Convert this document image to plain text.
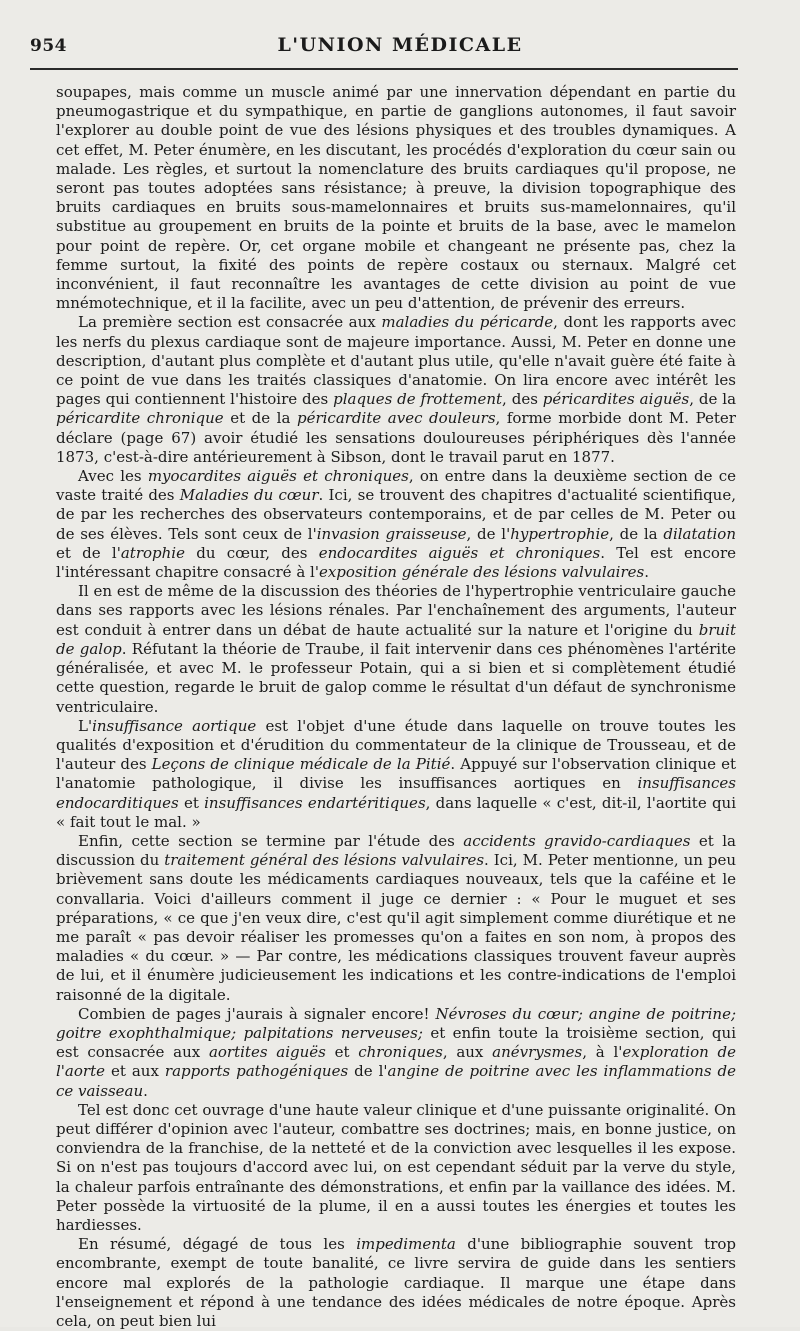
954	L'UNION MÉDICALE

soupapes, mais comme un muscle animé par une innervation dépendant en partie du pneumogastrique et du sympathique, en partie de ganglions autonomes, il faut savoir l'explorer au double point de vue des lésions physiques et des troubles dynamiques. A cet effet, M. Peter énumère, en les discutant, les procédés d'exploration du cœur sain ou malade. Les règles, et surtout la nomenclature des bruits cardiaques qu'il propose, ne seront pas toutes adoptées sans résistance; à preuve, la division topographique des bruits cardiaques en bruits sous-mamelonnaires et bruits sus-mamelonnaires, qu'il substitue au groupement en bruits de la pointe et bruits de la base, avec le mamelon pour point de repère. Or, cet organe mobile et changeant ne présente pas, chez la femme surtout, la fixité des points de repère costaux ou sternaux. Malgré cet inconvénient, il faut reconnaître les avantages de cette division au point de vue mnémotechnique, et il la facilite, avec un peu d'attention, de prévenir des erreurs.

La première section est consacrée aux maladies du péricarde, dont les rapports avec les nerfs du plexus cardiaque sont de majeure importance. Aussi, M. Peter en donne une description, d'autant plus complète et d'autant plus utile, qu'elle n'avait guère été faite à ce point de vue dans les traités classiques d'anatomie. On lira encore avec intérêt les pages qui contiennent l'histoire des plaques de frottement, des péricardites aiguës, de la péricardite chronique et de la péricardite avec douleurs, forme morbide dont M. Peter déclare (page 67) avoir étudié les sensations douloureuses périphériques dès l'année 1873, c'est-à-dire antérieurement à Sibson, dont le travail parut en 1877.

Avec les myocardites aiguës et chroniques, on entre dans la deuxième section de ce vaste traité des Maladies du cœur. Ici, se trouvent des chapitres d'actualité scientifique, de par les recherches des observateurs contemporains, et de par celles de M. Peter ou de ses élèves. Tels sont ceux de l'invasion graisseuse, de l'hypertrophie, de la dilatation et de l'atrophie du cœur, des endocardites aiguës et chroniques. Tel est encore l'intéressant chapitre consacré à l'exposition générale des lésions valvulaires.

Il en est de même de la discussion des théories de l'hypertrophie ventriculaire gauche dans ses rapports avec les lésions rénales. Par l'enchaînement des arguments, l'auteur est conduit à entrer dans un débat de haute actualité sur la nature et l'origine du bruit de galop. Réfutant la théorie de Traube, il fait intervenir dans ces phénomènes l'artérite généralisée, et avec M. le professeur Potain, qui a si bien et si complètement étudié cette question, regarde le bruit de galop comme le résultat d'un défaut de synchronisme ventriculaire.

L'insuffisance aortique est l'objet d'une étude dans laquelle on trouve toutes les qualités d'exposition et d'érudition du commentateur de la clinique de Trousseau, et de l'auteur des Leçons de clinique médicale de la Pitié. Appuyé sur l'observation clinique et l'anatomie pathologique, il divise les insuffisances aortiques en insuffisances endocarditiques et insuffisances endartéritiques, dans laquelle « c'est, dit-il, l'aortite qui « fait tout le mal. »

Enfin, cette section se termine par l'étude des accidents gravido-cardiaques et la discussion du traitement général des lésions valvulaires. Ici, M. Peter mentionne, un peu brièvement sans doute les médicaments cardiaques nouveaux, tels que la caféine et le convallaria. Voici d'ailleurs comment il juge ce dernier : « Pour le muguet et ses préparations, « ce que j'en veux dire, c'est qu'il agit simplement comme diurétique et ne me paraît « pas devoir réaliser les promesses qu'on a faites en son nom, à propos des maladies « du cœur. » — Par contre, les médications classiques trouvent faveur auprès de lui, et il énumère judicieusement les indications et les contre-indications de l'emploi raisonné de la digitale.

Combien de pages j'aurais à signaler encore! Névroses du cœur; angine de poitrine; goitre exophthalmique; palpitations nerveuses; et enfin toute la troisième section, qui est consacrée aux aortites aiguës et chroniques, aux anévrysmes, à l'exploration de l'aorte et aux rapports pathogéniques de l'angine de poitrine avec les inflammations de ce vaisseau.

Tel est donc cet ouvrage d'une haute valeur clinique et d'une puissante originalité. On peut différer d'opinion avec l'auteur, combattre ses doctrines; mais, en bonne justice, on conviendra de la franchise, de la netteté et de la conviction avec lesquelles il les expose. Si on n'est pas toujours d'accord avec lui, on est cependant séduit par la verve du style, la chaleur parfois entraînante des démonstrations, et enfin par la vaillance des idées. M. Peter possède la virtuosité de la plume, il en a aussi toutes les énergies et toutes les hardiesses.

En résumé, dégagé de tous les impedimenta d'une bibliographie souvent trop encombrante, exempt de toute banalité, ce livre servira de guide dans les sentiers encore mal explorés de la pathologie cardiaque. Il marque une étape dans l'enseignement et répond à une tendance des idées médicales de notre époque. Après cela, on peut bien lui
